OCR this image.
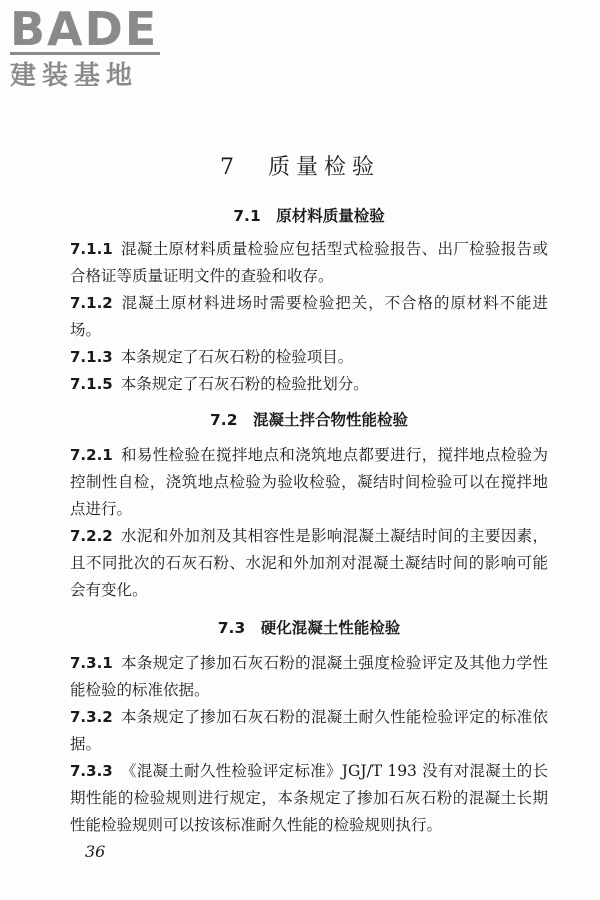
BADE
建装基地
7　质量检验

7.1　原材料质量检验

7.1.1 混凝土原材料质量检验应包括型式检验报告、出厂检验报告或合格证等质量证明文件的查验和收存。

7.1.2 混凝土原材料进场时需要检验把关，不合格的原材料不能进场。

7.1.3 本条规定了石灰石粉的检验项目。

7.1.5 本条规定了石灰石粉的检验批划分。

7.2　混凝土拌合物性能检验

7.2.1 和易性检验在搅拌地点和浇筑地点都要进行，搅拌地点检验为控制性自检，浇筑地点检验为验收检验，凝结时间检验可以在搅拌地点进行。

7.2.2 水泥和外加剂及其相容性是影响混凝土凝结时间的主要因素，且不同批次的石灰石粉、水泥和外加剂对混凝土凝结时间的影响可能会有变化。

7.3　硬化混凝土性能检验

7.3.1 本条规定了掺加石灰石粉的混凝土强度检验评定及其他力学性能检验的标准依据。

7.3.2 本条规定了掺加石灰石粉的混凝土耐久性能检验评定的标准依据。

7.3.3 《混凝土耐久性检验评定标准》JGJ/T 193 没有对混凝土的长期性能的检验规则进行规定，本条规定了掺加石灰石粉的混凝土长期性能检验规则可以按该标准耐久性能的检验规则执行。

36
